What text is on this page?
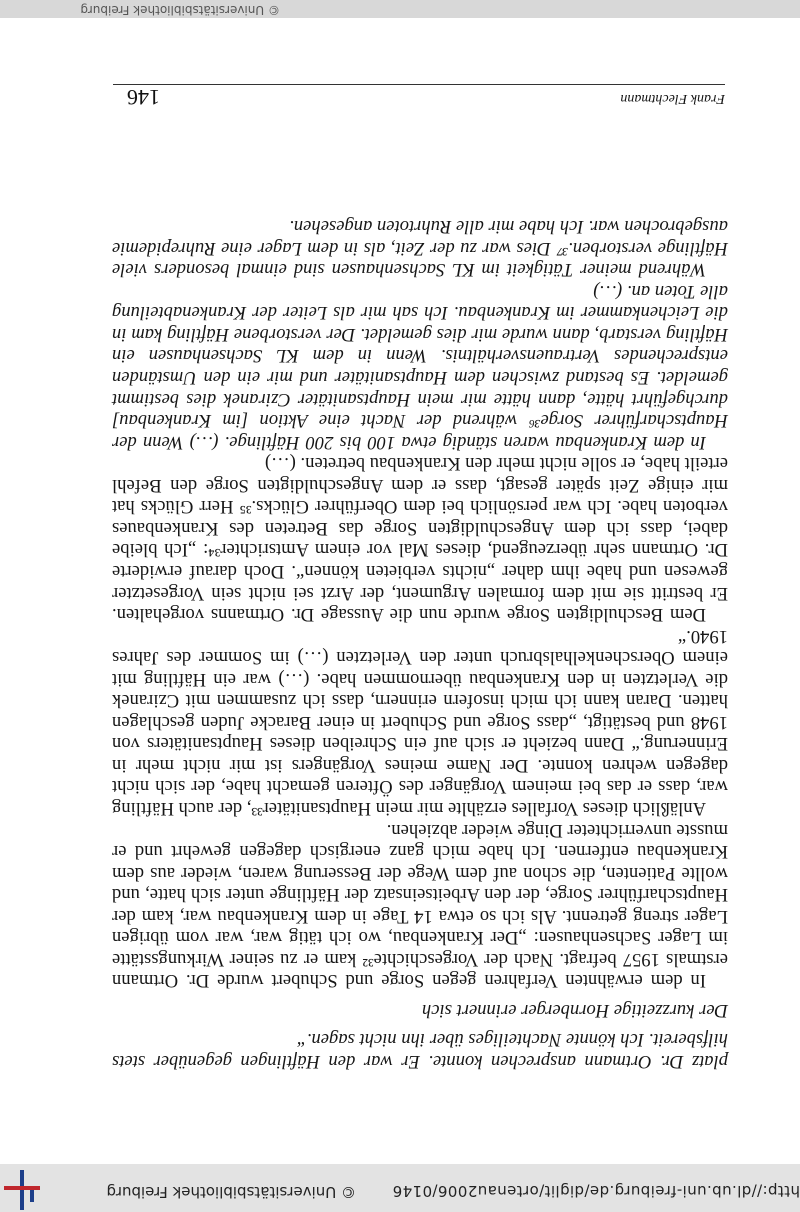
http://dl.ub.uni-freiburg.de/diglit/ortenau2006/0146
© Universitätsbibliothek Freiburg
© Universitätsbibliothek Freiburg

platz Dr. Ortmann ansprechen konnte. Er war den Häftlingen gegenüber stets hilfsbereit. Ich könnte Nachteiliges über ihn nicht sagen.“

Der kurzzeitige Hornberger erinnert sich

In dem erwähnten Verfahren gegen Sorge und Schubert wurde Dr. Ortmann erstmals 1957 befragt. Nach der Vorgeschichte³² kam er zu seiner Wirkungsstätte im Lager Sachsenhausen: „Der Krankenbau, wo ich tätig war, war vom übrigen Lager streng getrennt. Als ich so etwa 14 Tage in dem Krankenbau war, kam der Hauptscharführer Sorge, der den Arbeitseinsatz der Häftlinge unter sich hatte, und wollte Patienten, die schon auf dem Wege der Besserung waren, wieder aus dem Krankenbau entfernen. Ich habe mich ganz energisch dagegen gewehrt und er musste unverrichteter Dinge wieder abziehen.

Anläßlich dieses Vorfalles erzählte mir mein Hauptsanitäter³³, der auch Häftling war, dass er das bei meinem Vorgänger des Öfteren gemacht habe, der sich nicht dagegen wehren konnte. Der Name meines Vorgängers ist mir nicht mehr in Erinnerung.“ Dann bezieht er sich auf ein Schreiben dieses Hauptsanitäters von 1948 und bestätigt, „dass Sorge und Schubert in einer Baracke Juden geschlagen hatten. Daran kann ich mich insofern erinnern, dass ich zusammen mit Cziranek die Verletzten in den Krankenbau übernommen habe. (…) war ein Häftling mit einem Oberschenkelhalsbruch unter den Verletzten (…) im Sommer des Jahres 1940.“

Dem Beschuldigten Sorge wurde nun die Aussage Dr. Ortmanns vorgehalten. Er bestritt sie mit dem formalen Argument, der Arzt sei nicht sein Vorgesetzter gewesen und habe ihm daher „nichts verbieten können“. Doch darauf erwiderte Dr. Ortmann sehr überzeugend, dieses Mal vor einem Amtsrichter³⁴: „Ich bleibe dabei, dass ich dem Angeschuldigten Sorge das Betreten des Krankenbaues verboten habe. Ich war persönlich bei dem Oberführer Glücks.³⁵ Herr Glücks hat mir einige Zeit später gesagt, dass er dem Angeschuldigten Sorge den Befehl erteilt habe, er solle nicht mehr den Krankenbau betreten. (…)

In dem Krankenbau waren ständig etwa 100 bis 200 Häftlinge. (…) Wenn der Hauptscharführer Sorge³⁶ während der Nacht eine Aktion [im Krankenbau] durchgeführt hätte, dann hätte mir mein Hauptsanitäter Cziranek dies bestimmt gemeldet. Es bestand zwischen dem Hauptsanitäter und mir ein den Umständen entsprechendes Vertrauensverhältnis. Wenn in dem KL Sachsenhausen ein Häftling verstarb, dann wurde mir dies gemeldet. Der verstorbene Häftling kam in die Leichenkammer im Krankenbau. Ich sah mir als Leiter der Krankenabteilung alle Toten an. (…)

Während meiner Tätigkeit im KL Sachsenhausen sind einmal besonders viele Häftlinge verstorben.³⁷ Dies war zu der Zeit, als in dem Lager eine Ruhrepidemie ausgebrochen war. Ich habe mir alle Ruhrtoten angesehen.

146	Frank Flechtmann
